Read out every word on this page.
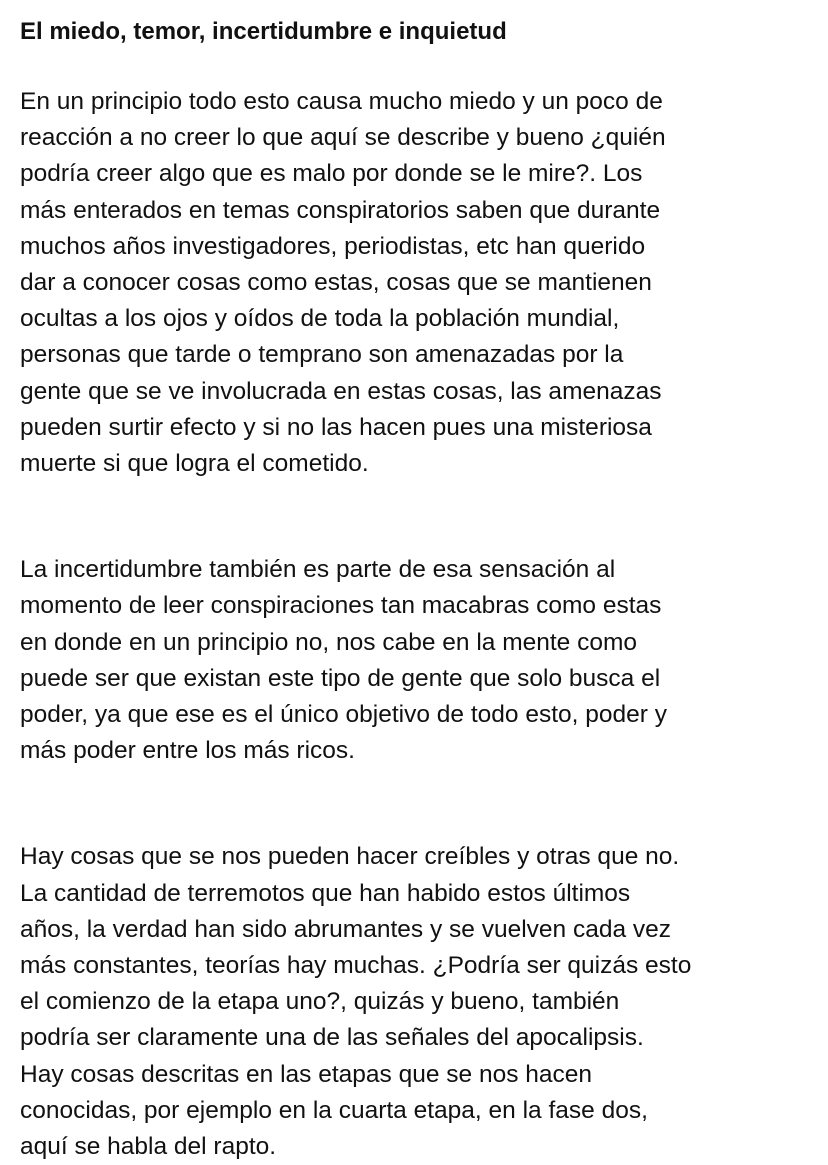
El miedo, temor, incertidumbre e inquietud

En un principio todo esto causa mucho miedo y un poco de
reacción a no creer lo que aquí se describe y bueno ¿quién
podría creer algo que es malo por donde se le mire?. Los
más enterados en temas conspiratorios saben que durante
muchos años investigadores, periodistas, etc han querido
dar a conocer cosas como estas, cosas que se mantienen
ocultas a los ojos y oídos de toda la población mundial,
personas que tarde o temprano son amenazadas por la
gente que se ve involucrada en estas cosas, las amenazas
pueden surtir efecto y si no las hacen pues una misteriosa
muerte si que logra el cometido.

La incertidumbre también es parte de esa sensación al
momento de leer conspiraciones tan macabras como estas
en donde en un principio no, nos cabe en la mente como
puede ser que existan este tipo de gente que solo busca el
poder, ya que ese es el único objetivo de todo esto, poder y
más poder entre los más ricos.

Hay cosas que se nos pueden hacer creíbles y otras que no.
La cantidad de terremotos que han habido estos últimos
años, la verdad han sido abrumantes y se vuelven cada vez
más constantes, teorías hay muchas. ¿Podría ser quizás esto
el comienzo de la etapa uno?, quizás y bueno, también
podría ser claramente una de las señales del apocalipsis.
Hay cosas descritas en las etapas que se nos hacen
conocidas, por ejemplo en la cuarta etapa, en la fase dos,
aquí se habla del rapto.
